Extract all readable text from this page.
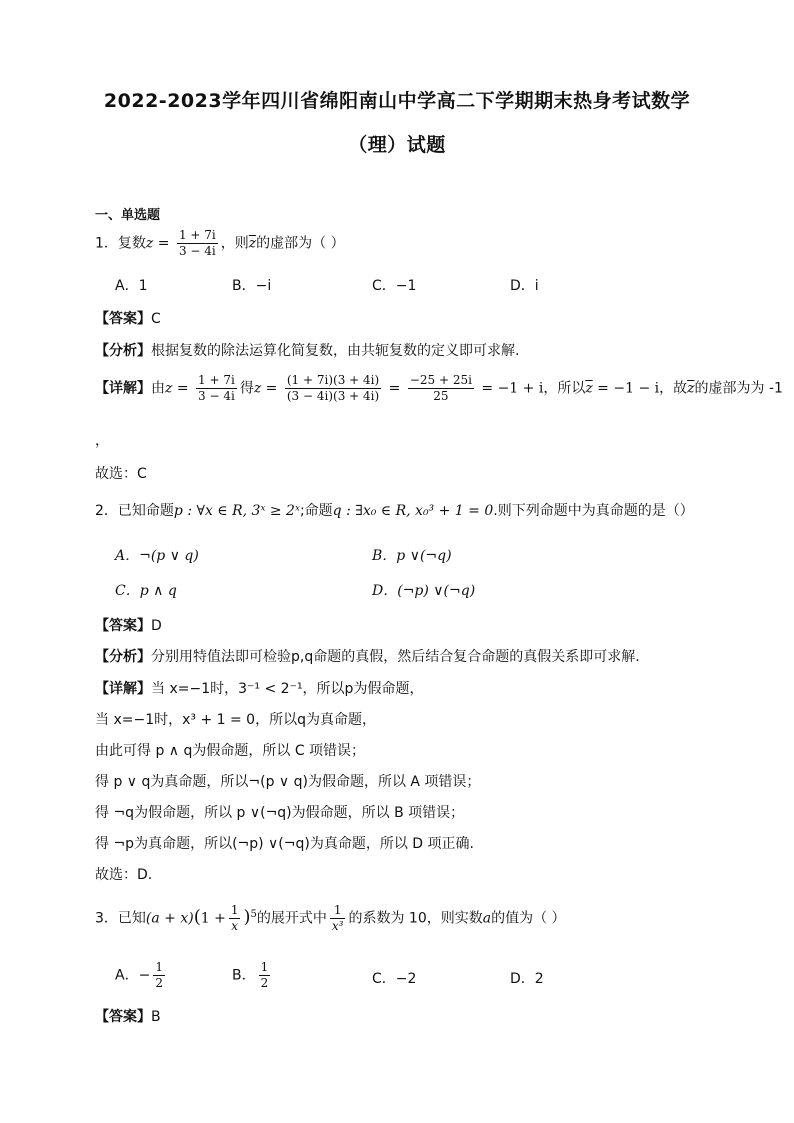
2022-2023学年四川省绵阳南山中学高二下学期期末热身考试数学
（理）试题
一、单选题
1．复数$z = \frac{1 + 7i}{3 - 4i}$ ，则$\overline{z}$的虚部为（ ）
A．1	B．−i	C．−1	D．i
【答案】C
【分析】根据复数的除法运算化简复数，由共轭复数的定义即可求解.
【详解】由$z = \frac{1 + 7i}{3 - 4i}$ 得$z = \frac{(1 + 7i)(3 + 4i)}{(3 - 4i)(3 + 4i)} = \frac{-25 + 25i}{25} = -1 + i$，所以$\overline{z} = -1 - i$，故$\overline{z}$的虚部为为 -1
，
故选：C
2．已知命题p : ∀x ∈ R, 3ˣ ≥ 2ˣ;命题q : ∃x₀ ∈ R, x₀³ + 1 = 0.则下列命题中为真命题的是（）
A．¬(p ∨ q)	B．p ∨(¬q)
C．p ∧ q	D．(¬p) ∨(¬q)
【答案】D
【分析】分别用特值法即可检验p,q命题的真假，然后结合复合命题的真假关系即可求解.
【详解】当 x=−1时，3⁻¹ < 2⁻¹，所以p为假命题，
当 x=−1时，x³ + 1 = 0，所以q为真命题，
由此可得 p ∧ q为假命题，所以 C 项错误；
得 p ∨ q为真命题，所以¬(p ∨ q)为假命题，所以 A 项错误；
得 ¬q为假命题，所以 p ∨(¬q)为假命题，所以 B 项错误；
得 ¬p为真命题，所以(¬p) ∨(¬q)为真命题，所以 D 项正确.
故选：D.
3．已知$(a + x)(1 + \frac{1}{x} )^5$的展开式中 $\frac{1}{\text{x³}}$ 的系数为 10，则实数a的值为（ ）
A．− $\frac{1}{2}$	B． $\frac{1}{2}$	C．−2	D．2
【答案】B
